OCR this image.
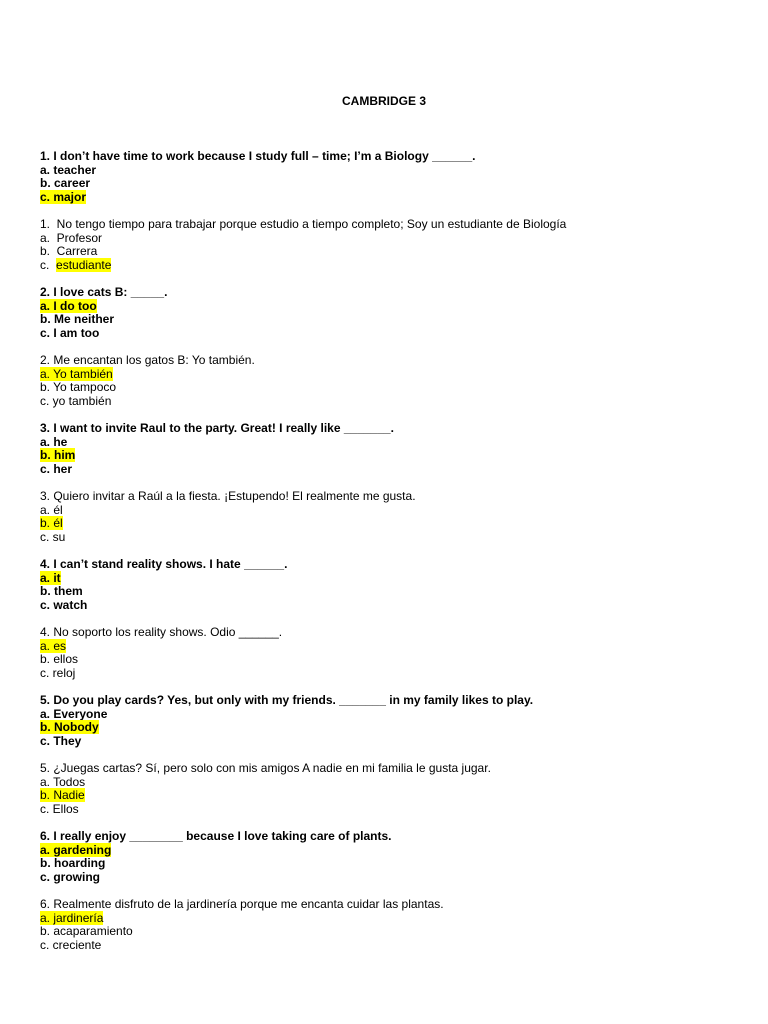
CAMBRIDGE 3
1. I don’t have time to work because I study full – time; I’m a Biology ______.
a. teacher
b. career
c. major
1.  No tengo tiempo para trabajar porque estudio a tiempo completo; Soy un estudiante de Biología
a.  Profesor
b.  Carrera
c.  estudiante
2. I love cats B: _____.
a. I do too
b. Me neither
c. I am too
2. Me encantan los gatos B: Yo también.
a. Yo también
b. Yo tampoco
c. yo también
3. I want to invite Raul to the party. Great! I really like _______.
a. he
b. him
c. her
3. Quiero invitar a Raúl a la fiesta. ¡Estupendo! El realmente me gusta.
a. él
b. él
c. su
4. I can’t stand reality shows. I hate ______.
a. it
b. them
c. watch
4. No soporto los reality shows. Odio ______.
a. es
b. ellos
c. reloj
5. Do you play cards? Yes, but only with my friends. _______ in my family likes to play.
a. Everyone
b. Nobody
c. They
5. ¿Juegas cartas? Sí, pero solo con mis amigos A nadie en mi familia le gusta jugar.
a. Todos
b. Nadie
c. Ellos
6. I really enjoy ________ because I love taking care of plants.
a. gardening
b. hoarding
c. growing
6. Realmente disfruto de la jardinería porque me encanta cuidar las plantas.
a. jardinería
b. acaparamiento
c. creciente
